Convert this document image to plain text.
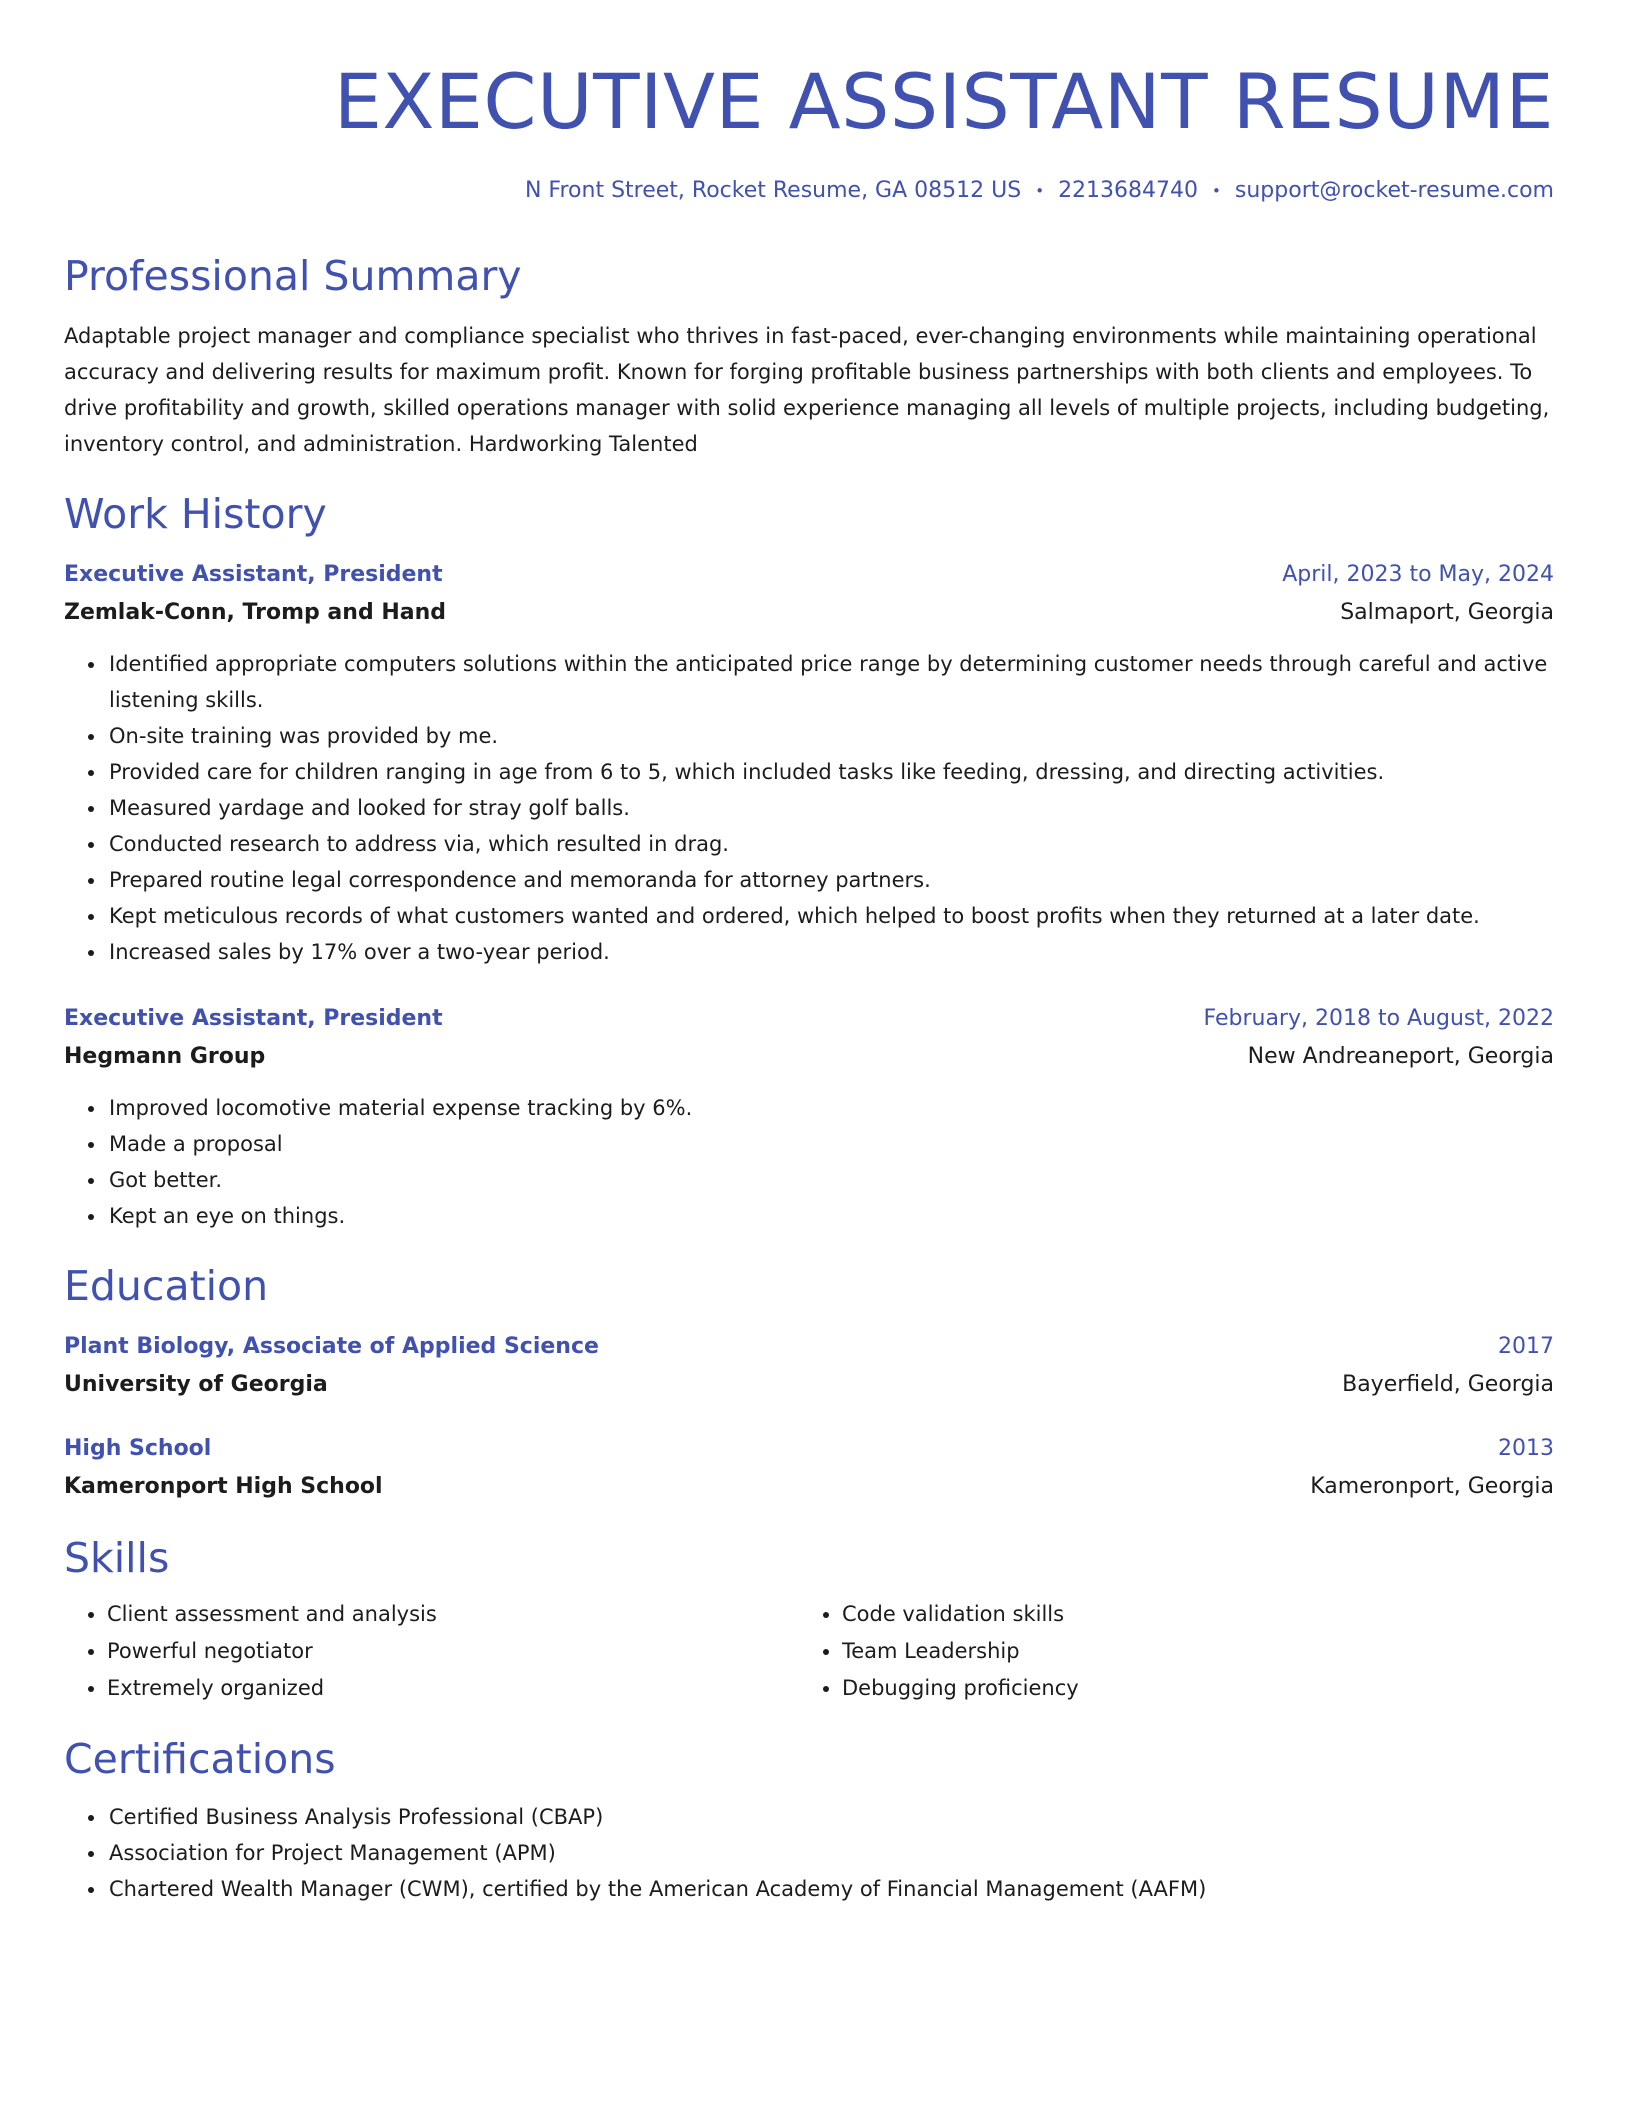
EXECUTIVE ASSISTANT RESUME
N Front Street, Rocket Resume, GA 08512 US • 2213684740 • support@rocket-resume.com
Professional Summary

Adaptable project manager and compliance specialist who thrives in fast-paced, ever-changing environments while maintaining operational accuracy and delivering results for maximum profit. Known for forging profitable business partnerships with both clients and employees. To drive profitability and growth, skilled operations manager with solid experience managing all levels of multiple projects, including budgeting, inventory control, and administration. Hardworking Talented

Work History
Executive Assistant, President	April, 2023 to May, 2024
Zemlak-Conn, Tromp and Hand	Salmaport, Georgia
• Identified appropriate computers solutions within the anticipated price range by determining customer needs through careful and active listening skills.
• On-site training was provided by me.
• Provided care for children ranging in age from 6 to 5, which included tasks like feeding, dressing, and directing activities.
• Measured yardage and looked for stray golf balls.
• Conducted research to address via, which resulted in drag.
• Prepared routine legal correspondence and memoranda for attorney partners.
• Kept meticulous records of what customers wanted and ordered, which helped to boost profits when they returned at a later date.
• Increased sales by 17% over a two-year period.
Executive Assistant, President	February, 2018 to August, 2022
Hegmann Group	New Andreaneport, Georgia
• Improved locomotive material expense tracking by 6%.
• Made a proposal
• Got better.
• Kept an eye on things.
Education
Plant Biology, Associate of Applied Science	2017
University of Georgia	Bayerfield, Georgia
High School	2013
Kameronport High School	Kameronport, Georgia
Skills
• Client assessment and analysis
• Powerful negotiator
• Extremely organized
• Code validation skills
• Team Leadership
• Debugging proficiency
Certifications
• Certified Business Analysis Professional (CBAP)
• Association for Project Management (APM)
• Chartered Wealth Manager (CWM), certified by the American Academy of Financial Management (AAFM)
